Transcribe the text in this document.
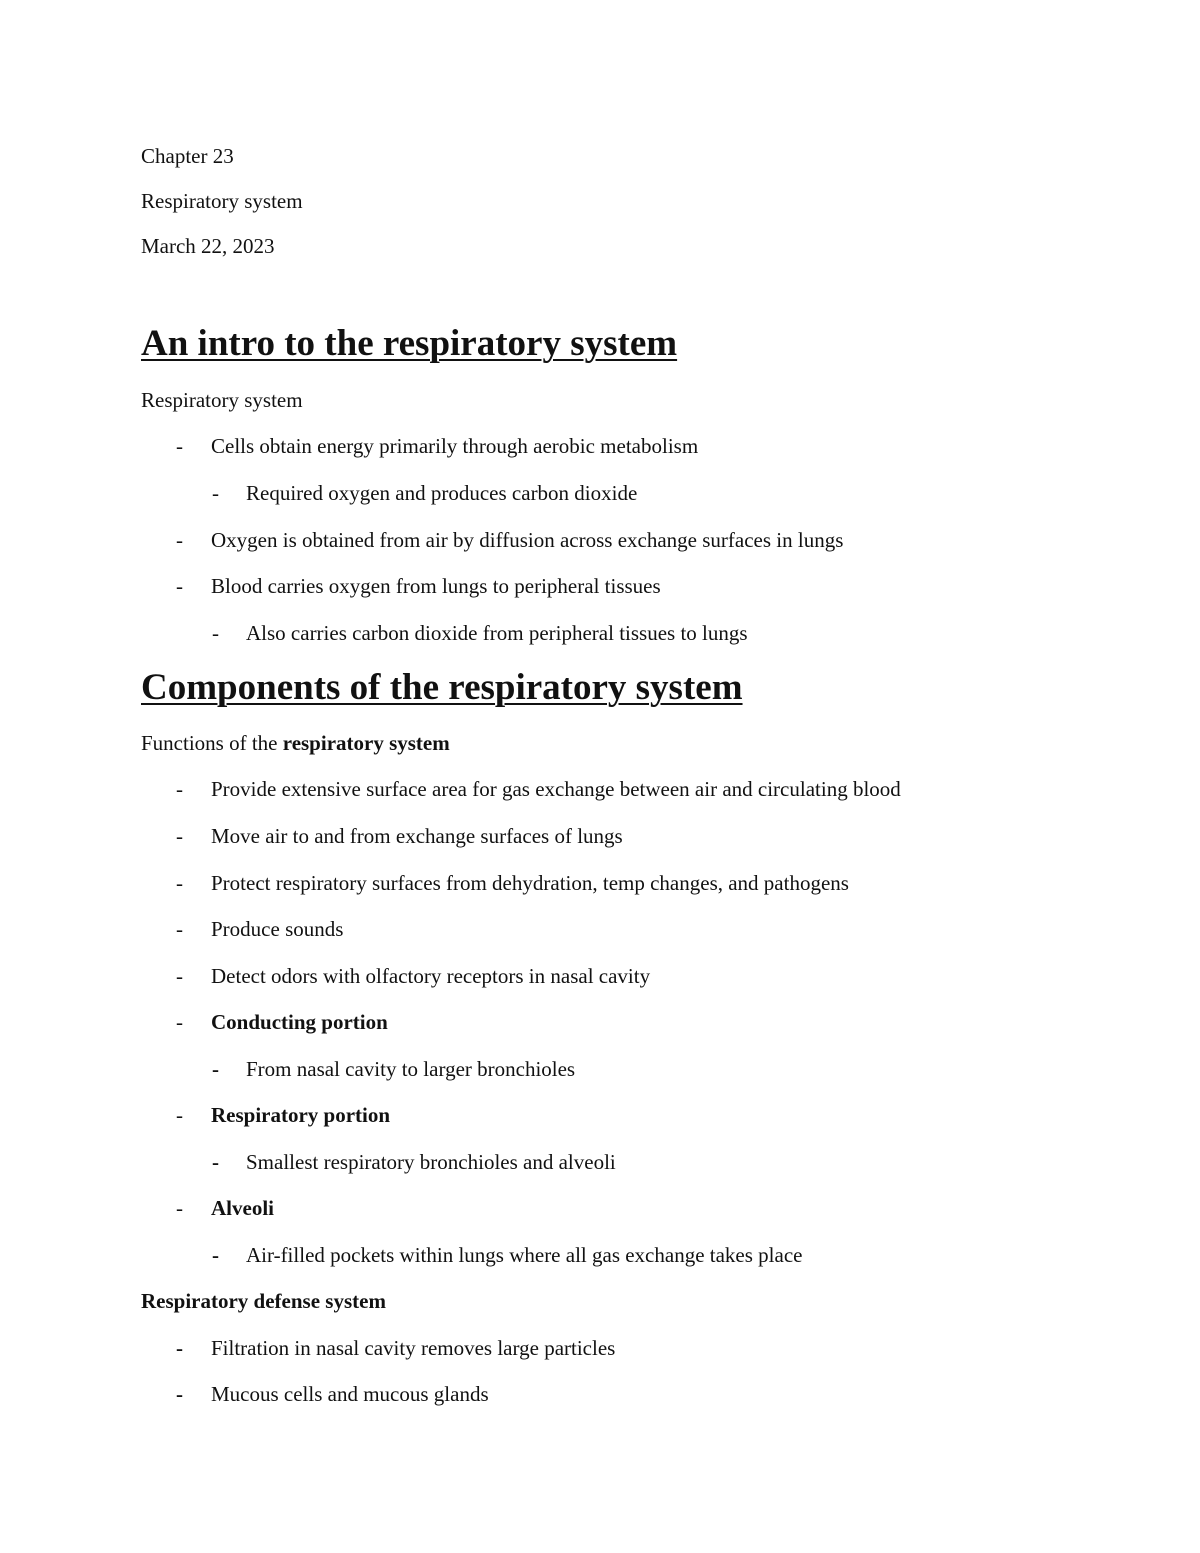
Chapter 23
Respiratory system
March 22, 2023
An intro to the respiratory system
Respiratory system
- Cells obtain energy primarily through aerobic metabolism
- Required oxygen and produces carbon dioxide
- Oxygen is obtained from air by diffusion across exchange surfaces in lungs
- Blood carries oxygen from lungs to peripheral tissues
- Also carries carbon dioxide from peripheral tissues to lungs
Components of the respiratory system
Functions of the respiratory system
- Provide extensive surface area for gas exchange between air and circulating blood
- Move air to and from exchange surfaces of lungs
- Protect respiratory surfaces from dehydration, temp changes, and pathogens
- Produce sounds
- Detect odors with olfactory receptors in nasal cavity
- Conducting portion
- From nasal cavity to larger bronchioles
- Respiratory portion
- Smallest respiratory bronchioles and alveoli
- Alveoli
- Air-filled pockets within lungs where all gas exchange takes place
Respiratory defense system
- Filtration in nasal cavity removes large particles
- Mucous cells and mucous glands
